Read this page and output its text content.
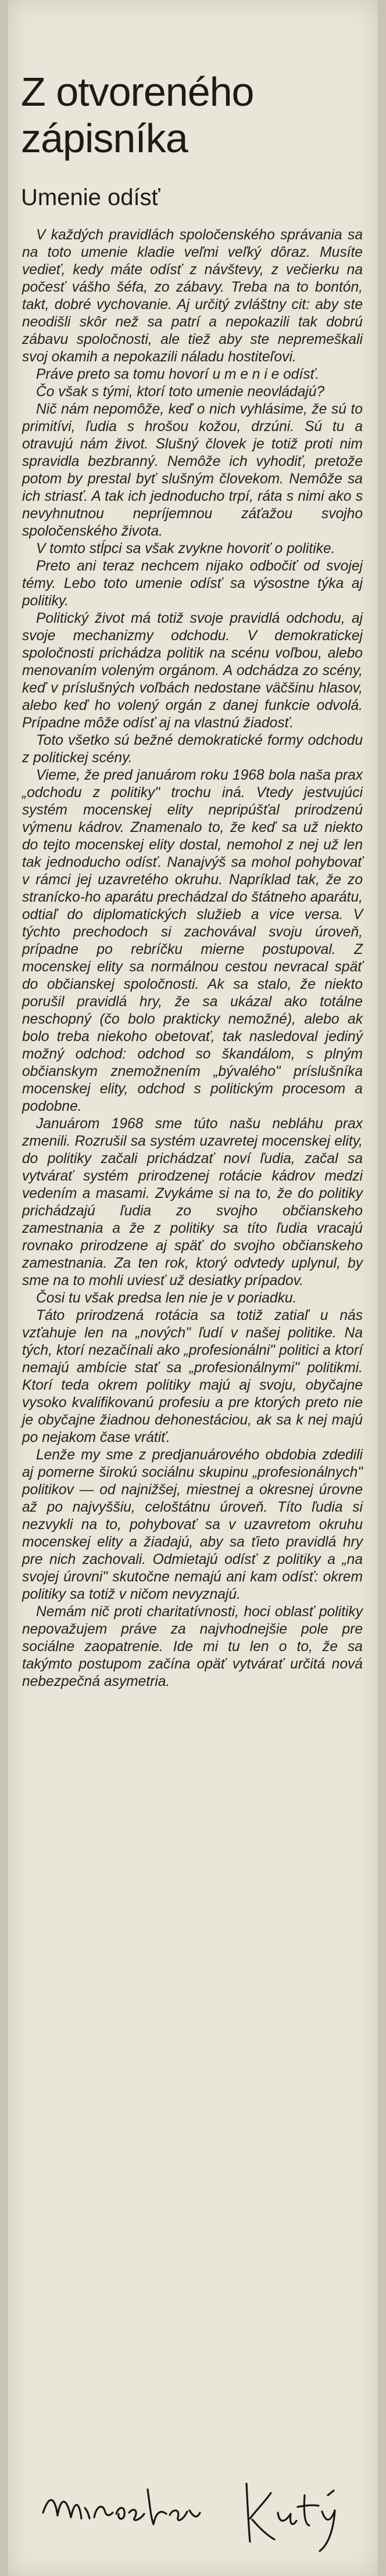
Z otvoreného zápisníka
Umenie odísť

V každých pravidlách spoločenského správania sa na toto umenie kladie veľmi veľký dôraz. Musíte vedieť, kedy máte odísť z návštevy, z večierku na počesť vášho šéfa, zo zábavy. Treba na to bontón, takt, dobré vychovanie. Aj určitý zvláštny cit: aby ste neodišli skôr než sa patrí a nepokazili tak dobrú zábavu spoločnosti, ale tiež aby ste nepremeškali svoj okamih a nepokazili náladu hostiteľovi.

Práve preto sa tomu hovorí u m e n i e odísť.

Čo však s tými, ktorí toto umenie neovládajú?

Nič nám nepomôže, keď o nich vyhlásime, že sú to primitívi, ľudia s hrošou kožou, drzúni. Sú tu a otravujú nám život. Slušný človek je totiž proti nim spravidla bezbranný. Nemôže ich vyhodiť, pretože potom by prestal byť slušným človekom. Nemôže sa ich striasť. A tak ich jednoducho trpí, ráta s nimi ako s nevyhnutnou nepríjemnou záťažou svojho spoločenského života.

V tomto stĺpci sa však zvykne hovoriť o politike.

Preto ani teraz nechcem nijako odbočiť od svojej témy. Lebo toto umenie odísť sa výsostne týka aj politiky.

Politický život má totiž svoje pravidlá odchodu, aj svoje mechanizmy odchodu. V demokratickej spoločnosti prichádza politik na scénu voľbou, alebo menovaním voleným orgánom. A odchádza zo scény, keď v príslušných voľbách nedostane väčšinu hlasov, alebo keď ho volený orgán z danej funkcie odvolá. Prípadne môže odísť aj na vlastnú žiadosť.

Toto všetko sú bežné demokratické formy odchodu z politickej scény.

Vieme, že pred januárom roku 1968 bola naša prax „odchodu z politiky" trochu iná. Vtedy jestvujúci systém mocenskej elity nepripúšťal prirodzenú výmenu kádrov. Znamenalo to, že keď sa už niekto do tejto mocenskej elity dostal, nemohol z nej už len tak jednoducho odísť. Nanajvýš sa mohol pohybovať v rámci jej uzavretého okruhu. Napríklad tak, že zo stranícko-ho aparátu prechádzal do štátneho aparátu, odtiaľ do diplomatických služieb a vice versa. V týchto prechodoch si zachovával svoju úroveň, prípadne po rebríčku mierne postupoval. Z mocenskej elity sa normálnou cestou nevracal späť do občianskej spoločnosti. Ak sa stalo, že niekto porušil pravidlá hry, že sa ukázal ako totálne neschopný (čo bolo prakticky nemožné), alebo ak bolo treba niekoho obetovať, tak nasledoval jediný možný odchod: odchod so škandálom, s plným občianskym znemožnením „bývalého" príslušníka mocenskej elity, odchod s politickým procesom a podobne.

Januárom 1968 sme túto našu nebláhu prax zmenili. Rozrušil sa systém uzavretej mocenskej elity, do politiky začali prichádzať noví ľudia, začal sa vytvárať systém prirodzenej rotácie kádrov medzi vedením a masami. Zvykáme si na to, že do politiky prichádzajú ľudia zo svojho občianskeho zamestnania a že z politiky sa títo ľudia vracajú rovnako prirodzene aj späť do svojho občianskeho zamestnania. Za ten rok, ktorý odvtedy uplynul, by sme na to mohli uviesť už desiatky prípadov.

Čosi tu však predsa len nie je v poriadku.

Táto prirodzená rotácia sa totiž zatiaľ u nás vzťahuje len na „nových" ľudí v našej politike. Na tých, ktorí nezačínali ako „profesionálni" politici a ktorí nemajú ambície stať sa „profesionálnymi" politikmi. Ktorí teda okrem politiky majú aj svoju, obyčajne vysoko kvalifikovanú profesiu a pre ktorých preto nie je obyčajne žiadnou dehonestáciou, ak sa k nej majú po nejakom čase vrátiť.

Lenže my sme z predjanuárového obdobia zdedili aj pomerne širokú sociálnu skupinu „profesionálnych" politikov — od najnižšej, miestnej a okresnej úrovne až po najvyššiu, celoštátnu úroveň. Títo ľudia si nezvykli na to, pohybovať sa v uzavretom okruhu mocenskej elity a žiadajú, aby sa ťieto pravidlá hry pre nich zachovali. Odmietajú odísť z politiky a „na svojej úrovni" skutočne nemajú ani kam odísť: okrem politiky sa totiž v ničom nevyznajú.

Nemám nič proti charitatívnosti, hoci oblasť politiky nepovažujem práve za najvhodnejšie pole pre sociálne zaopatrenie. Ide mi tu len o to, že sa takýmto postupom začína opäť vytvárať určitá nová nebezpečná asymetria.
